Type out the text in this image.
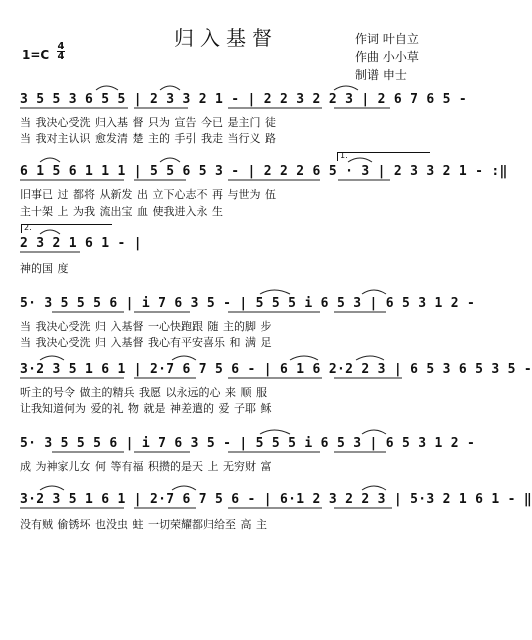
归入基督	作词 叶自立
作曲 小小草
制谱 申士
1=C
4
4
3 5 5 3 6 5 5 | 2 3 3 2 1 - | 2 2 3 2 2 3 | 2 6 7 6 5 -
当 我决心受洗 归入基 督 只为 宣告 今已 是主门 徒
当 我对主认识 愈发清 楚 主的 手引 我走 当行义 路
6 1 5 6 1 1 1 | 5 5 6 5 3 - | 2 2 2 6 5 · 3 | 2 3 3 2 1 - :‖
旧事已 过 都将 从新发 出 立下心志不 再 与世为 伍
主十架 上 为我 流出宝 血 使我进入永 生
1.
2.
2 3 2 1 6 1 - |
神的国 度
5· 3 5 5 5 6 | i 7 6 3 5 - | 5 5 5 i 6 5 3 | 6 5 3 1 2 -
当 我决心受洗 归 入基督 一心快跑跟 随 主的脚 步
当 我决心受洗 归 入基督 我心有平安喜乐 和 满 足
3·2 3 5 1 6 1 | 2·7 6 7 5 6 - | 6 1 6 2·2 2 3 | 6 5 3 6 5 3 5 -
听主的号令 做主的精兵 我愿 以永远的心 来 顺 服
让我知道何为 爱的礼 物 就是 神差遣的 爱 子耶 稣
5· 3 5 5 5 6 | i 7 6 3 5 - | 5 5 5 i 6 5 3 | 6 5 3 1 2 -
成 为神家儿女 何 等有福 积攒的是天 上 无穷财 富
3·2 3 5 1 6 1 | 2·7 6 7 5 6 - | 6·1 2 3 2 2 3 | 5·3 2 1 6 1 - ‖
没有贼 偷锈坏 也没虫 蛀 一切荣耀都归给至 高 主
